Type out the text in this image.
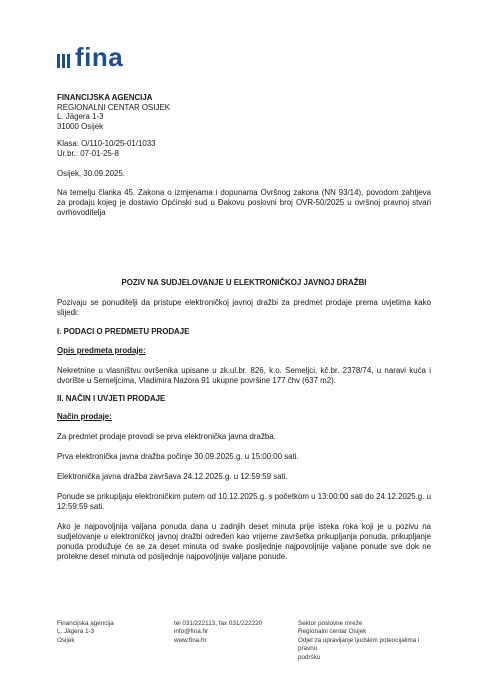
fina
FINANCIJSKA AGENCIJA
REGIONALNI CENTAR OSIJEK
L. Jägera 1-3
31000 Osijek
Klasa: O/110-10/25-01/1033
Ur.br.: 07-01-25-8

Osijek, 30.09.2025.

Na temelju članka 45. Zakona o izmjenama i dopunama Ovršnog zakona (NN 93/14), povodom zahtjeva za prodaju kojeg je dostavio Općinski sud u Đakovu poslovni broj OVR-50/2025 u ovršnoj pravnoj stvari ovrhovoditelja

POZIV NA SUDJELOVANJE U ELEKTRONIČKOJ JAVNOJ DRAŽBI

Pozivaju se ponuditelji da pristupe elektroničkoj javnoj dražbi za predmet prodaje prema uvjetima kako slijedi:

I. PODACI O PREDMETU PRODAJE

Opis predmeta prodaje:

Nekretnine u vlasništvu ovršenika upisane u zk.ul.br. 826, k.o. Semeljci, kč.br. 2378/74, u naravi kuća i dvorište u Semeljcima, Vladimira Nazora 91 ukupne površine 177 čhv (637 m2).

II. NAČIN I UVJETI PRODAJE

Način prodaje:

Za predmet prodaje provodi se prva elektronička javna dražba.

Prva elektronička javna dražba počinje 30.09.2025.g. u 15:00:00 sati.

Elektronička javna dražba završava 24.12.2025.g. u 12:59:59 sati.

Ponude se prikupljaju elektroničkim putem od 10.12.2025.g. s početkom u 13:00:00 sati do 24.12.2025.g. u 12:59:59 sati.

Ako je najpovoljnija valjana ponuda dana u zadnjih deset minuta prije isteka roka koji je u pozivu na sudjelovanje u elektroničkoj javnoj dražbi određen kao vrijeme završetka prikupljanja ponuda, prikupljanje ponuda produžuje će se za deset minuta od svake posljednje najpovoljnije valjane ponude sve dok ne protekne deset minuta od posljednje najpovoljnije valjane ponude.

Financijska agencija
L. Jägera 1-3
Osijek
tel 031/222113, fax 031/222220
info@fina.hr
www.fina.hr
Sektor poslovne mreže
Regionalni centar Osijek
Odjel za upravljanje ljudskim potencijalima i pravnu
podršku
